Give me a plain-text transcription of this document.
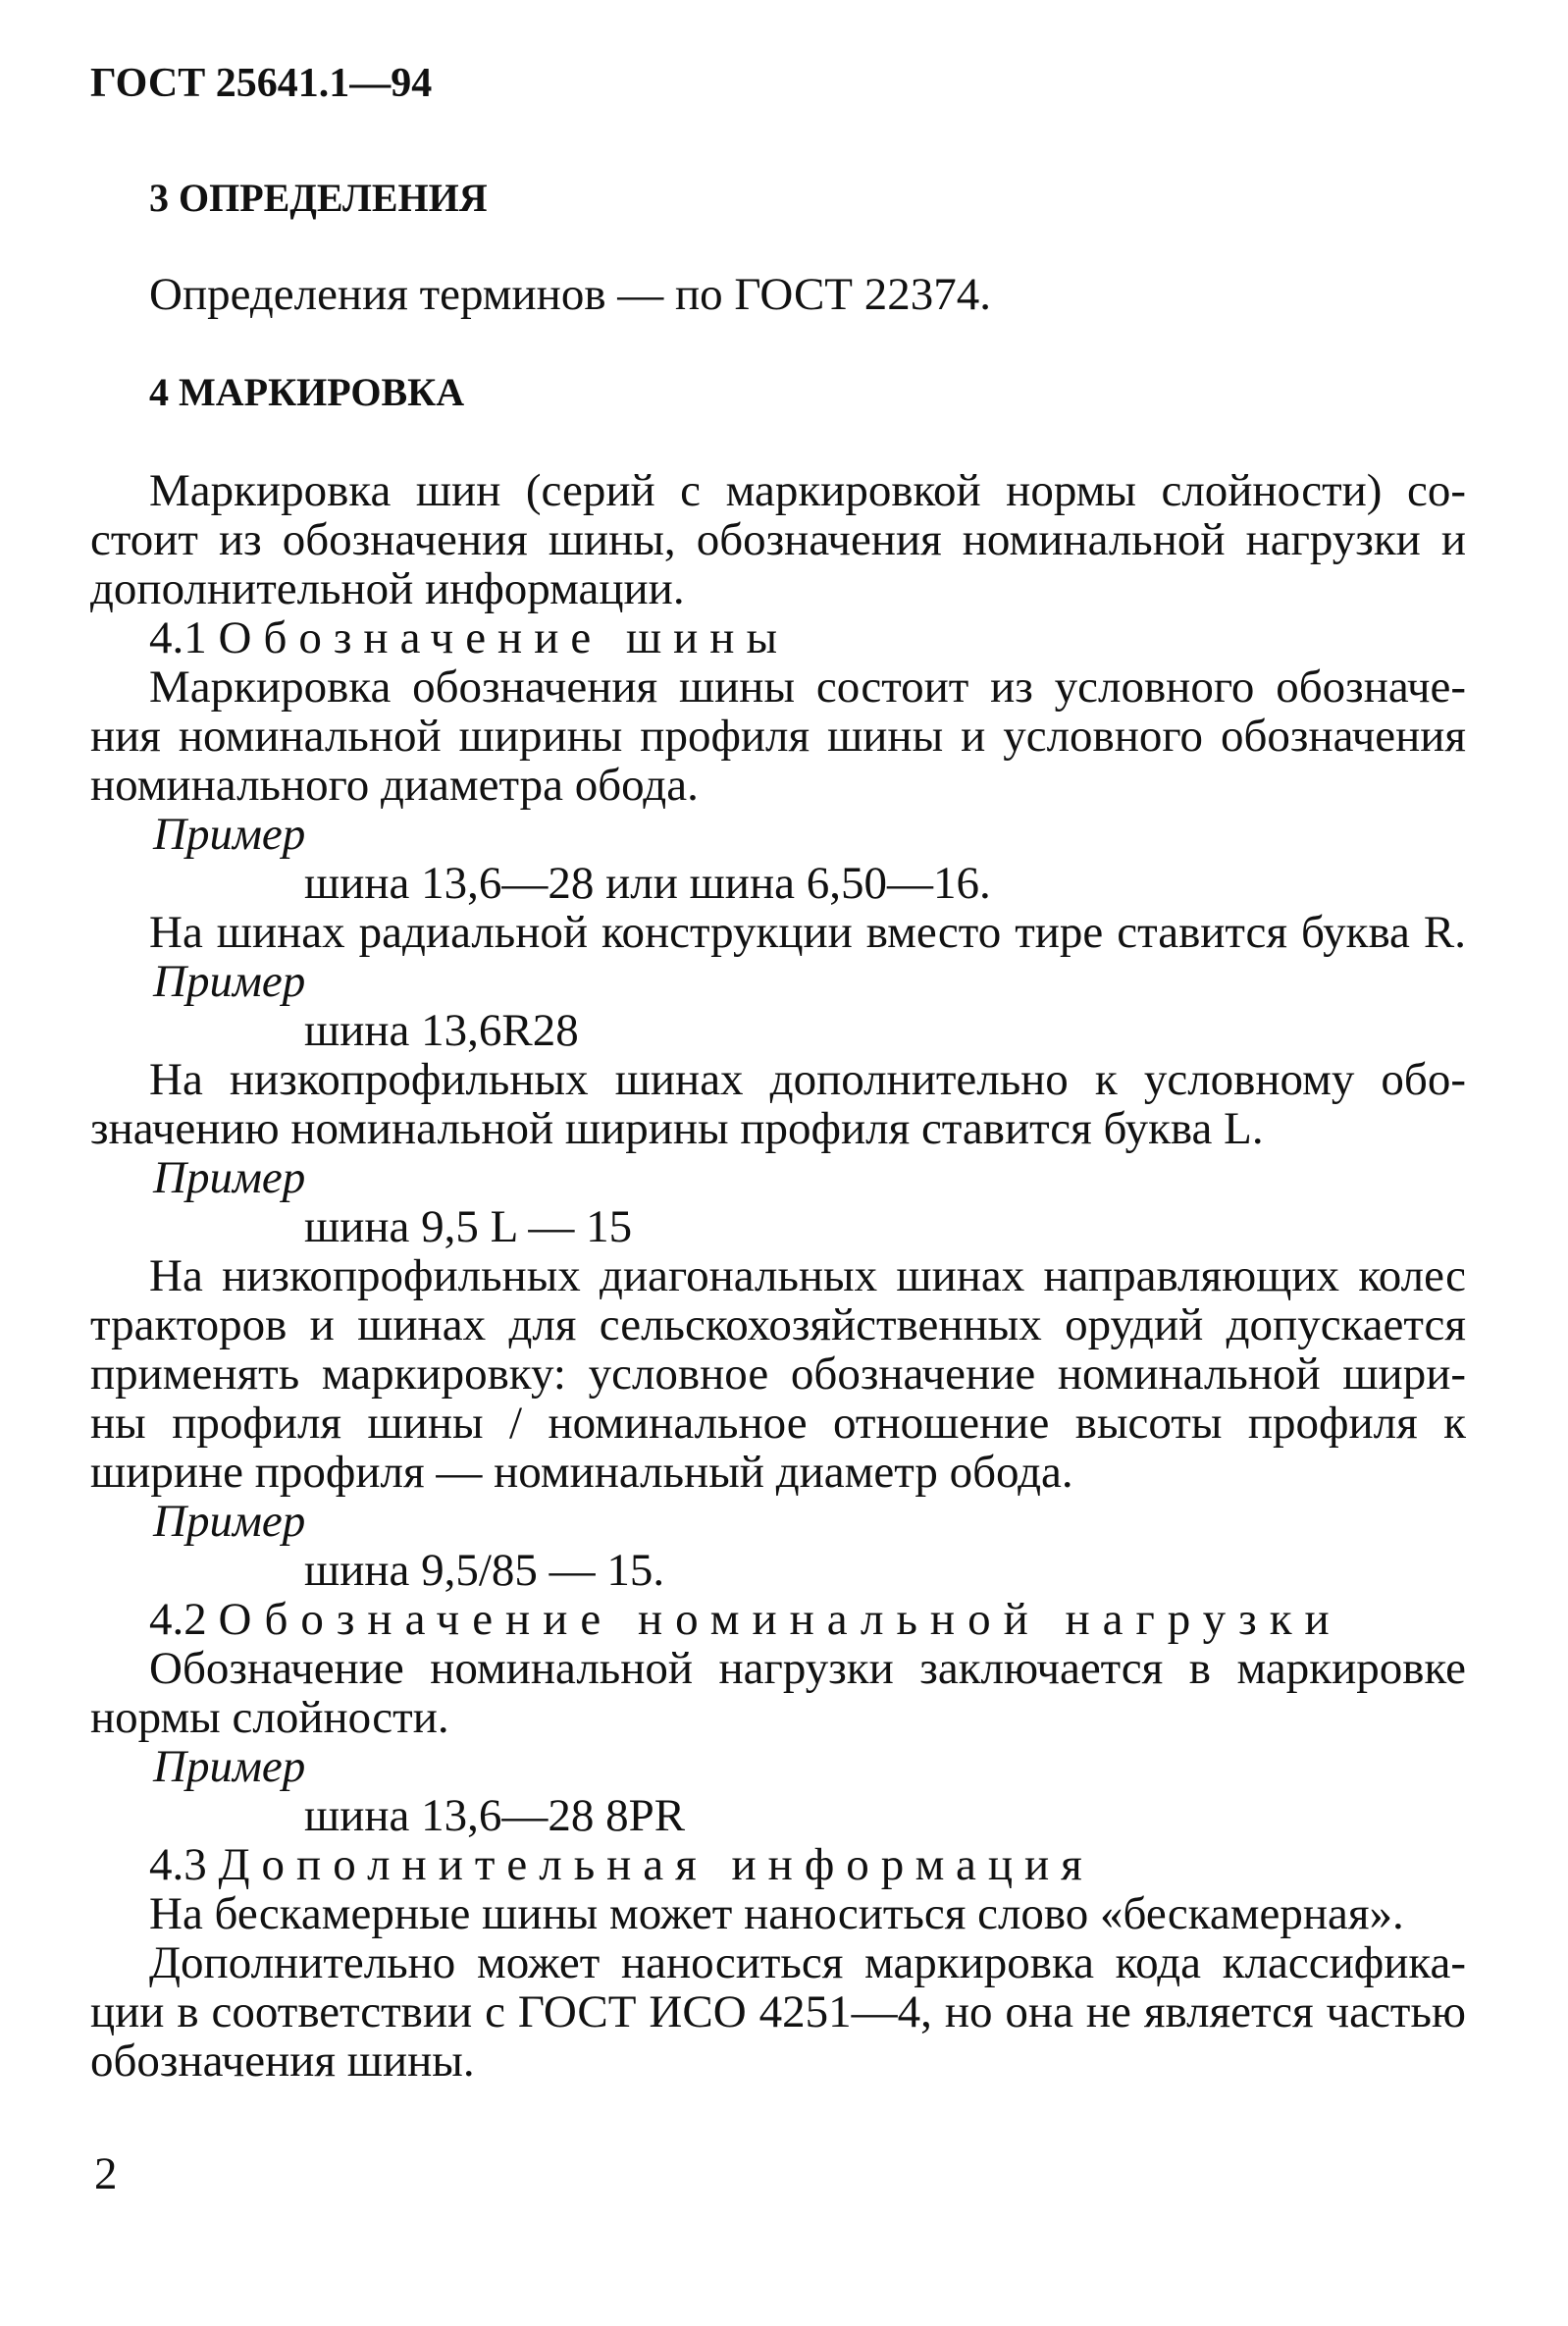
ГОСТ 25641.1—94
3 ОПРЕДЕЛЕНИЯ
Определения терминов — по ГОСТ 22374.
4 МАРКИРОВКА
Маркировка шин (серий с маркировкой нормы слойности) со-
стоит из обозначения шины, обозначения номинальной нагрузки и
дополнительной информации.
4.1 Обозначение шины
Маркировка обозначения шины состоит из условного обозначе-
ния номинальной ширины профиля шины и условного обозначения
номинального диаметра обода.
Пример
шина 13,6—28 или шина 6,50—16.
На шинах радиальной конструкции вместо тире ставится буква R.
Пример
шина 13,6R28
На низкопрофильных шинах дополнительно к условному обо-
значению номинальной ширины профиля ставится буква L.
Пример
шина 9,5 L — 15
На низкопрофильных диагональных шинах направляющих колес
тракторов и шинах для сельскохозяйственных орудий допускается
применять маркировку: условное обозначение номинальной шири-
ны профиля шины / номинальное отношение высоты профиля к
ширине профиля — номинальный диаметр обода.
Пример
шина 9,5/85 — 15.
4.2 Обозначение номинальной нагрузки
Обозначение номинальной нагрузки заключается в маркировке
нормы слойности.
Пример
шина 13,6—28 8PR
4.3 Дополнительная информация
На бескамерные шины может наноситься слово «бескамерная».
Дополнительно может наноситься маркировка кода классифика-
ции в соответствии с ГОСТ ИСО 4251—4, но она не является частью
обозначения шины.
2
